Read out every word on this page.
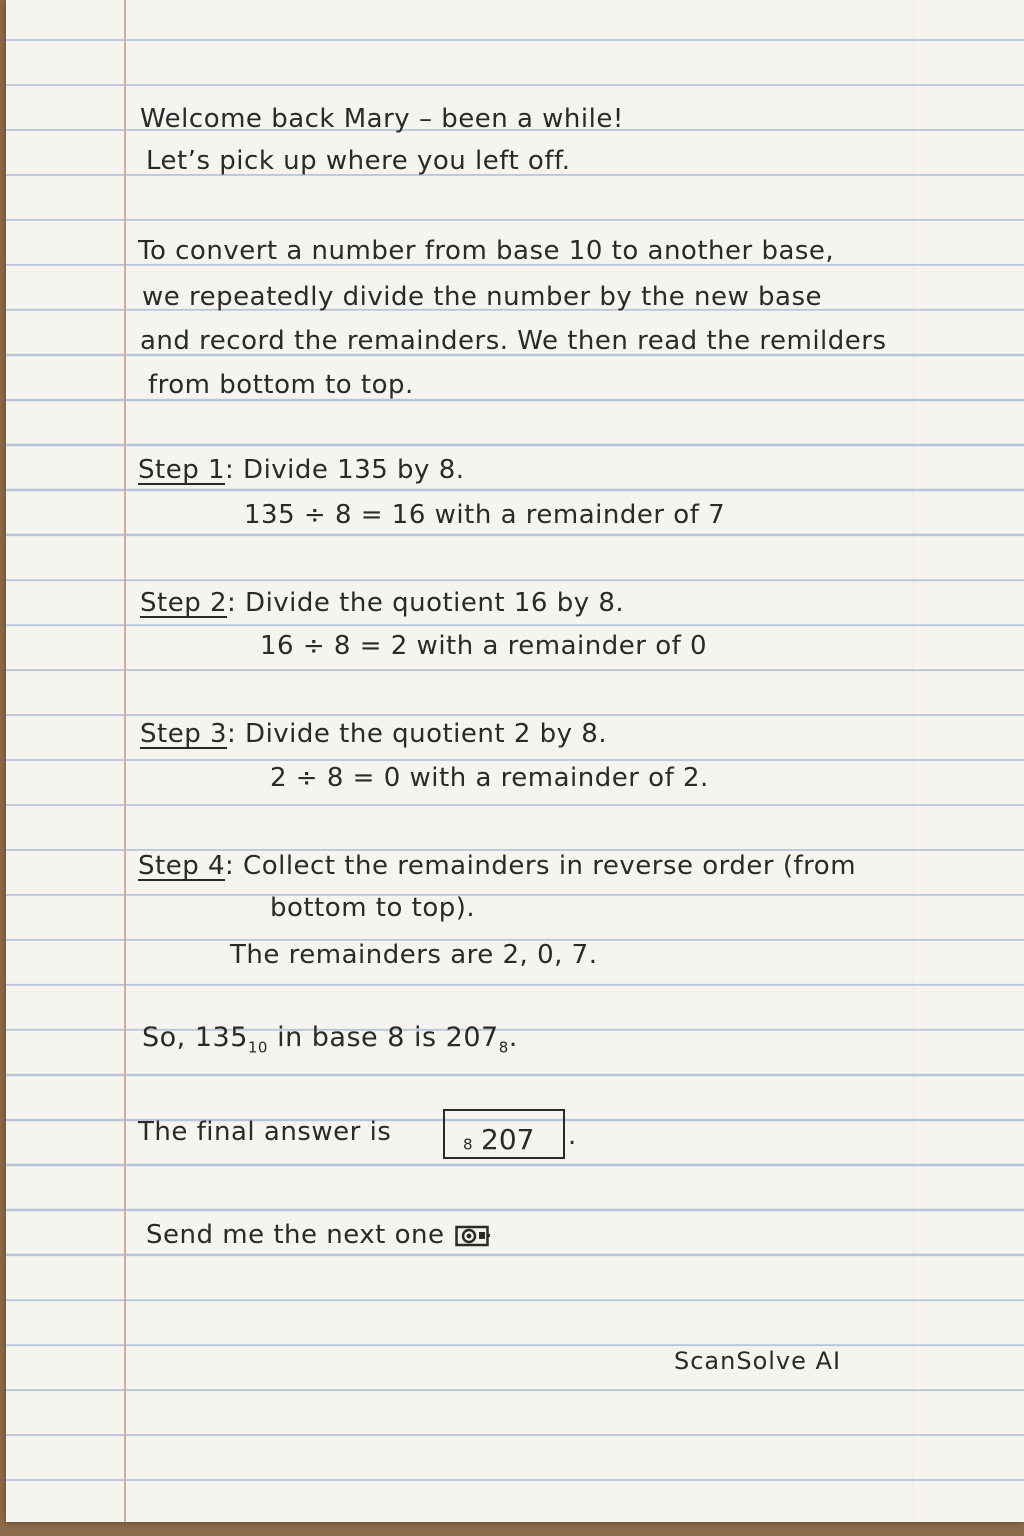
Welcome back Mary – been a while!
Let’s pick up where you left off.
To convert a number from base 10 to another base,
we repeatedly divide the number by the new base
and record the remainders. We then read the remilders
from bottom to top.
Step 1: Divide 135 by 8.
135 ÷ 8 = 16 with a remainder of 7
Step 2: Divide the quotient 16 by 8.
16 ÷ 8 = 2 with a remainder of 0
Step 3: Divide the quotient 2 by 8.
2 ÷ 8 = 0 with a remainder of 2.
Step 4: Collect the remainders in reverse order (from
bottom to top).
The remainders are 2, 0, 7.
So, $135_{10}$ in base 8 is $207_8$.
The final answer is	207
$_8$	.
Send me the next one
ScanSolve AI
